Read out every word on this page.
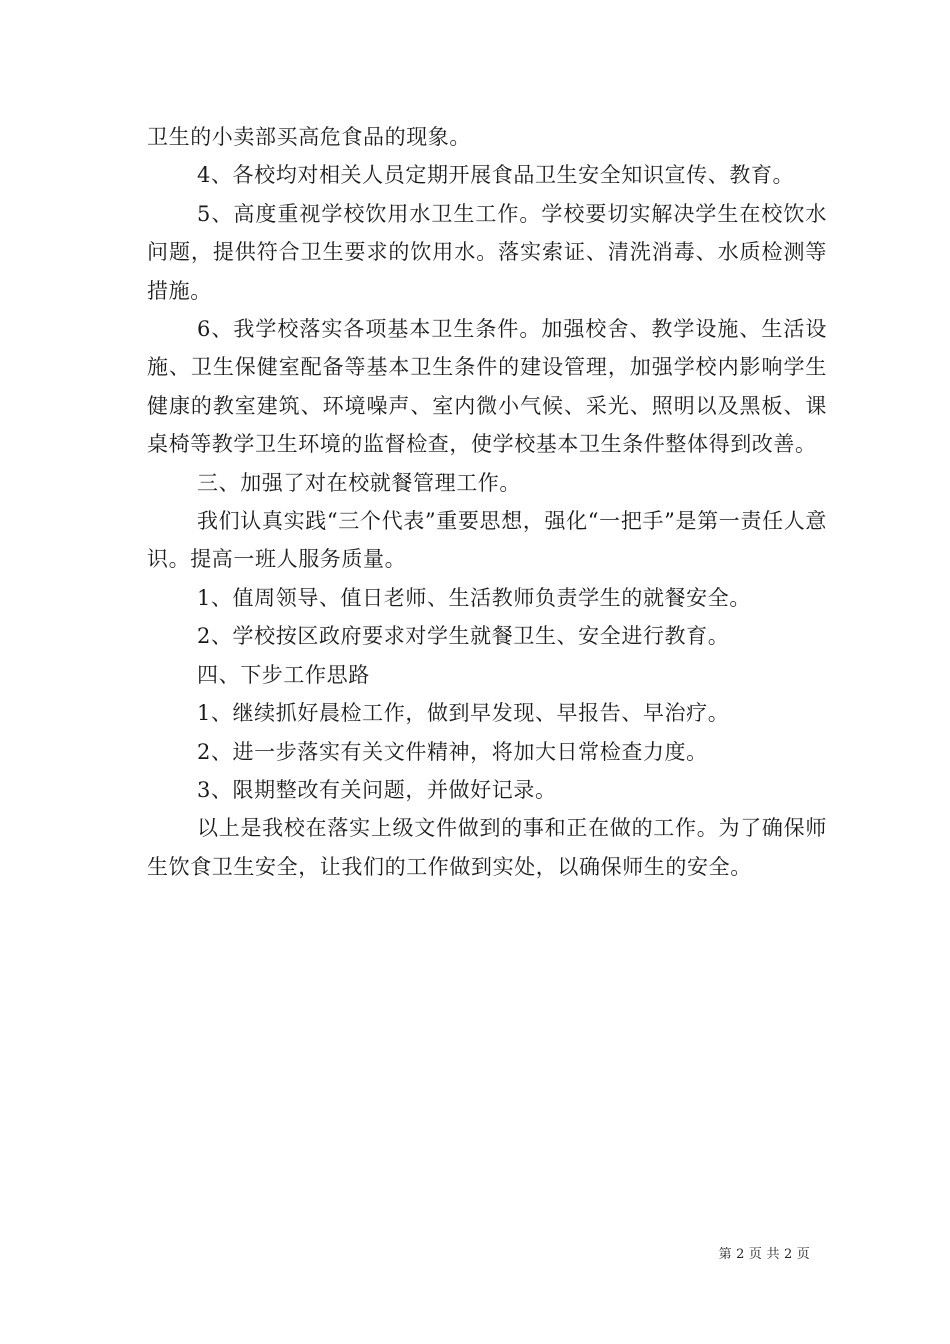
卫生的小卖部买高危食品的现象。

4、各校均对相关人员定期开展食品卫生安全知识宣传、教育。

5、高度重视学校饮用水卫生工作。学校要切实解决学生在校饮水问题，提供符合卫生要求的饮用水。落实索证、清洗消毒、水质检测等措施。

6、我学校落实各项基本卫生条件。加强校舍、教学设施、生活设施、卫生保健室配备等基本卫生条件的建设管理，加强学校内影响学生健康的教室建筑、环境噪声、室内微小气候、采光、照明以及黑板、课桌椅等教学卫生环境的监督检查，使学校基本卫生条件整体得到改善。

三、加强了对在校就餐管理工作。

我们认真实践“三个代表”重要思想，强化“一把手”是第一责任人意识。提高一班人服务质量。

1、值周领导、值日老师、生活教师负责学生的就餐安全。

2、学校按区政府要求对学生就餐卫生、安全进行教育。

四、下步工作思路

1、继续抓好晨检工作，做到早发现、早报告、早治疗。

2、进一步落实有关文件精神，将加大日常检查力度。

3、限期整改有关问题，并做好记录。

以上是我校在落实上级文件做到的事和正在做的工作。为了确保师生饮食卫生安全，让我们的工作做到实处，以确保师生的安全。

第 2 页 共 2 页
